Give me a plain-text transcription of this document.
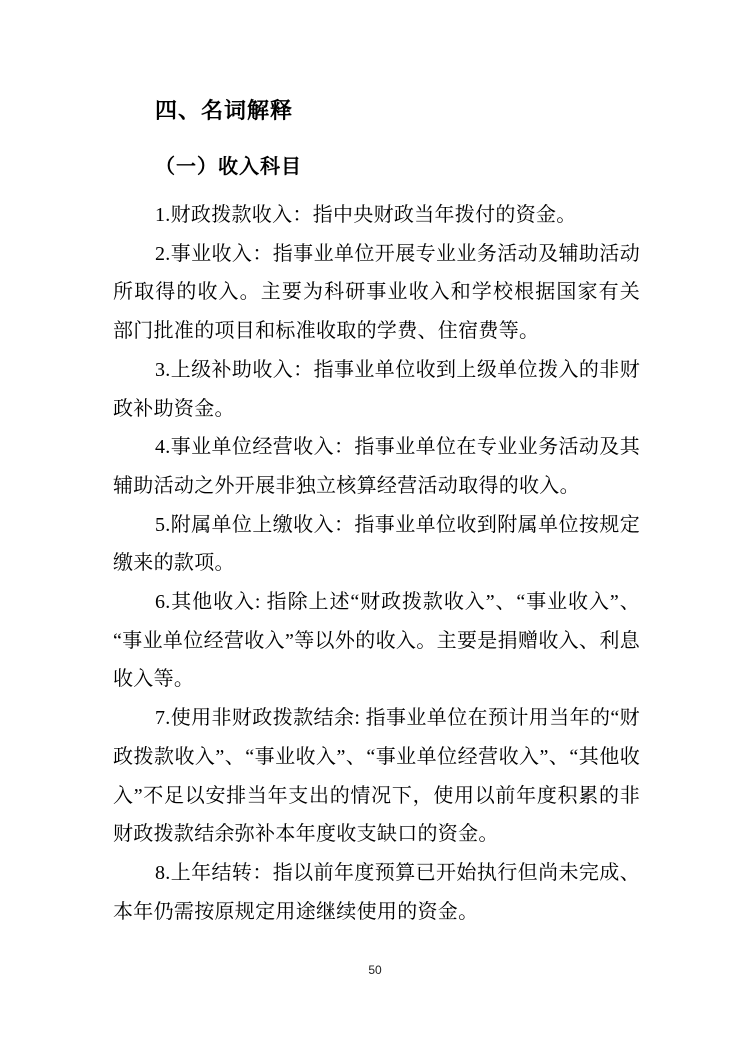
四、名词解释
（一）收入科目

1.财政拨款收入：指中央财政当年拨付的资金。

2.事业收入：指事业单位开展专业业务活动及辅助活动所取得的收入。主要为科研事业收入和学校根据国家有关部门批准的项目和标准收取的学费、住宿费等。

3.上级补助收入：指事业单位收到上级单位拨入的非财政补助资金。

4.事业单位经营收入：指事业单位在专业业务活动及其辅助活动之外开展非独立核算经营活动取得的收入。

5.附属单位上缴收入：指事业单位收到附属单位按规定缴来的款项。

6.其他收入: 指除上述“财政拨款收入”、“事业收入”、“事业单位经营收入”等以外的收入。主要是捐赠收入、利息收入等。

7.使用非财政拨款结余: 指事业单位在预计用当年的“财政拨款收入”、“事业收入”、“事业单位经营收入”、“其他收入”不足以安排当年支出的情况下，使用以前年度积累的非财政拨款结余弥补本年度收支缺口的资金。

8.上年结转：指以前年度预算已开始执行但尚未完成、本年仍需按原规定用途继续使用的资金。

50
